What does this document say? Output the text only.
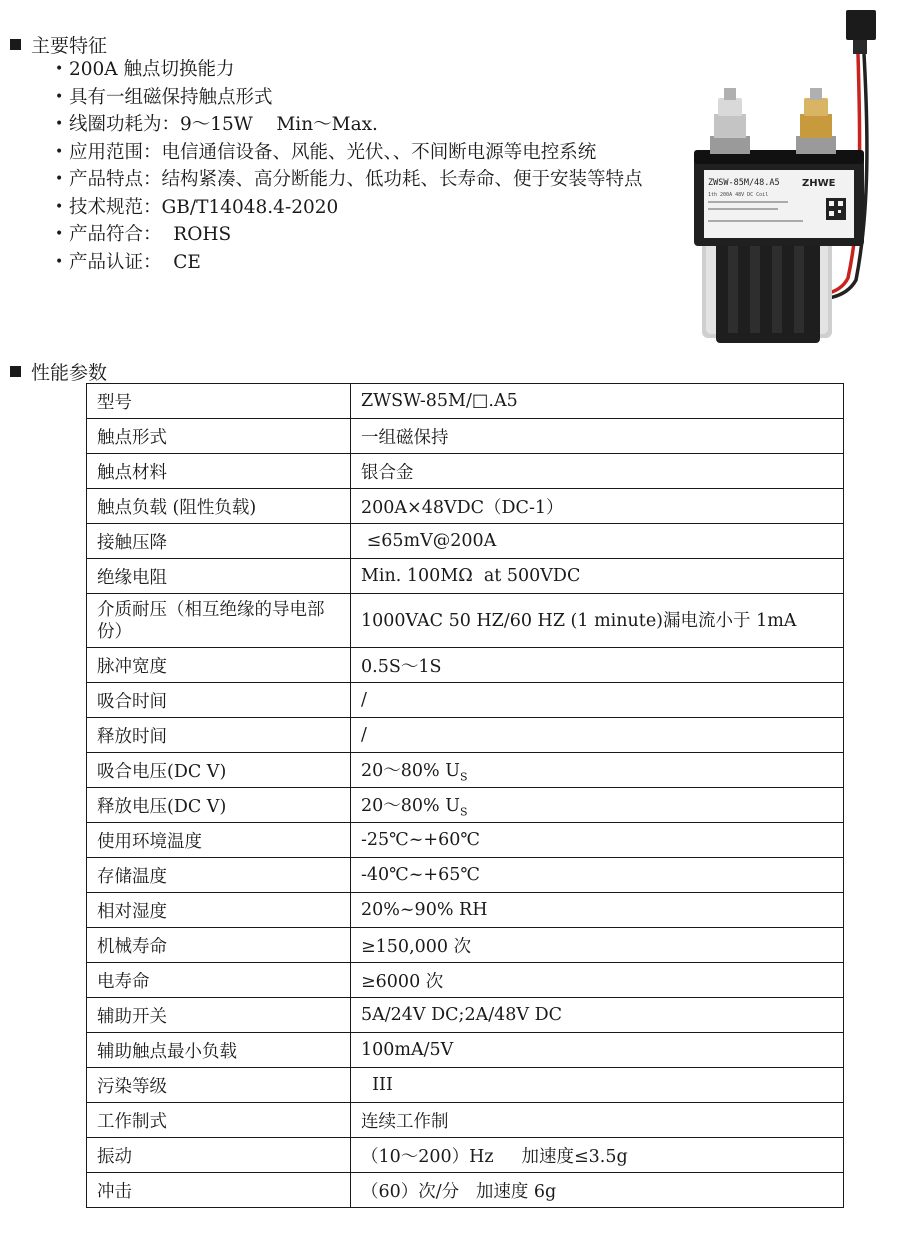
主要特征
• 200A 触点切换能力
• 具有一组磁保持触点形式
• 线圈功耗为：9～15W    Min～Max.
• 应用范围：电信通信设备、风能、光伏、、不间断电源等电控系统
• 产品特点：结构紧凑、高分断能力、低功耗、长寿命、便于安装等特点
• 技术规范：GB/T14048.4-2020
• 产品符合：  ROHS
• 产品认证：  CE
ZWSW-85M/48.A5 ZHWE
1th 200A 48V DC Coil
性能参数
型号	ZWSW-85M/□.A5
触点形式	一组磁保持
触点材料	银合金
触点负载 (阻性负载)	200A×48VDC（DC-1）
接触压降	≤65mV@200A
绝缘电阻	Min. 100MΩ  at 500VDC
介质耐压（相互绝缘的导电部份）	1000VAC 50 HZ/60 HZ (1 minute)漏电流小于 1mA
脉冲宽度	0.5S～1S
吸合时间	/
释放时间	/
吸合电压(DC V)	20～80% $U_S$
释放电压(DC V)	20～80% $U_S$
使用环境温度	-25℃~+60℃
存储温度	-40℃~+65℃
相对湿度	20%~90% RH
机械寿命	≥150,000 次
电寿命	≥6000 次
辅助开关	5A/24V DC;2A/48V DC
辅助触点最小负载	100mA/5V
污染等级	III
工作制式	连续工作制
振动	（10～200）Hz     加速度≤3.5g
冲击	（60）次/分   加速度 6g
